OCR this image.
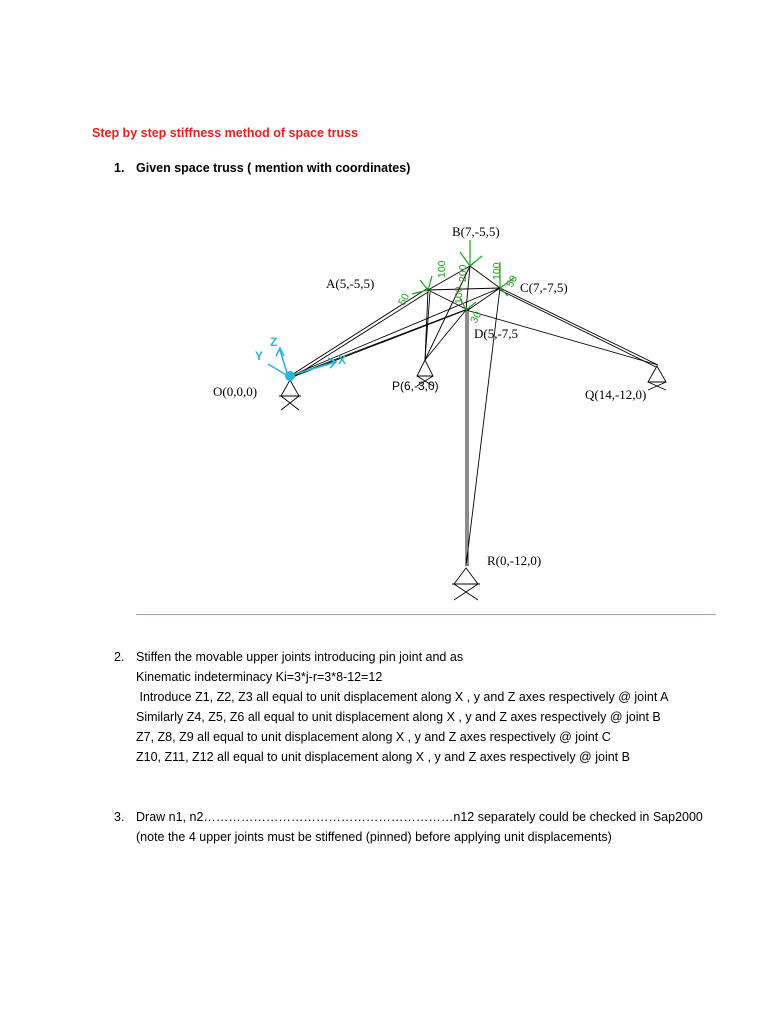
Step by step stiffness method of space truss
1. Given space truss ( mention with coordinates)
50
100 200 100
50
100
30
Z
Y	X
A(5,-5,5)
B(7,-5,5)
C(7,-7,5)
D(5,-7,5
O(0,0,0)	P(6,-3,0)
Q(14,-12,0)
R(0,-12,0)
2. Stiffen the movable upper joints introducing pin joint and as
Kinematic indeterminacy Ki=3*j-r=3*8-12=12
Introduce Z1, Z2, Z3 all equal to unit displacement along X , y and Z axes respectively @ joint A
Similarly Z4, Z5, Z6 all equal to unit displacement along X , y and Z axes respectively @ joint B
Z7, Z8, Z9 all equal to unit displacement along X , y and Z axes respectively @ joint C
Z10, Z11, Z12 all equal to unit displacement along X , y and Z axes respectively @ joint B
3. Draw n1, n2……………………………………………………n12 separately could be checked in Sap2000
(note the 4 upper joints must be stiffened (pinned) before applying unit displacements)
